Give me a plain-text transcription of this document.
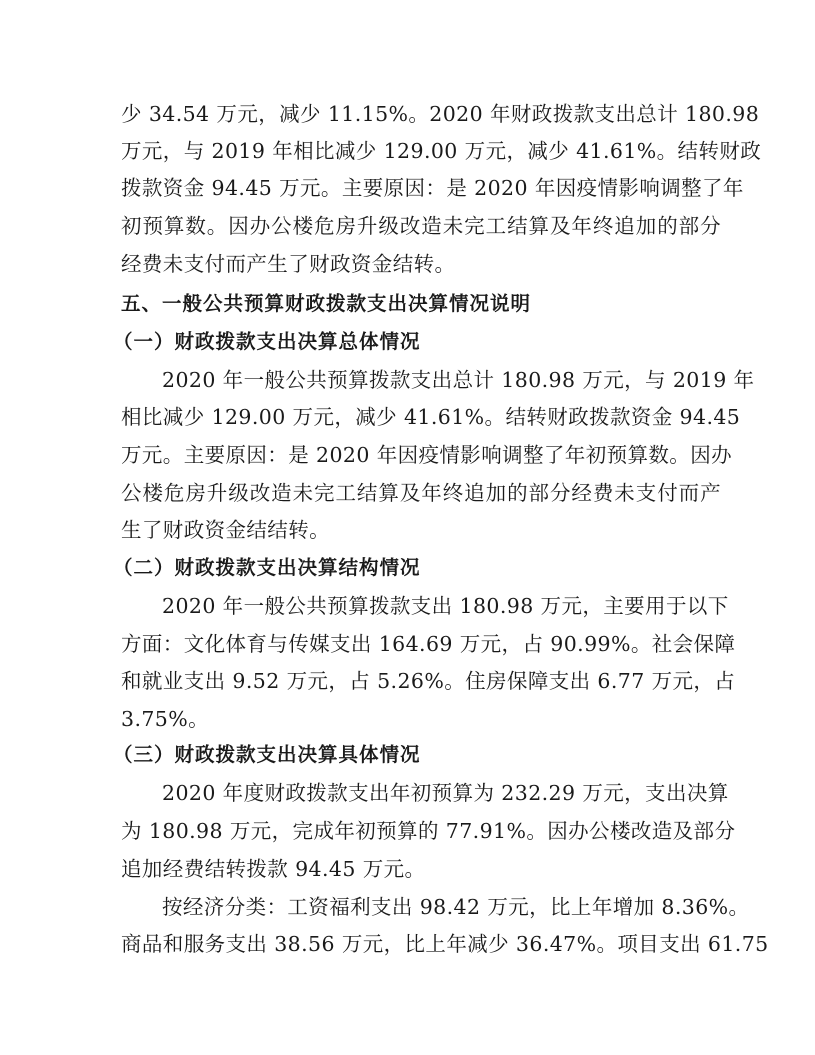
少 34.54 万元，减少 11.15%。2020 年财政拨款支出总计 180.98
万元，与 2019 年相比减少 129.00 万元，减少 41.61%。结转财政
拨款资金 94.45 万元。主要原因：是 2020 年因疫情影响调整了年
初预算数。因办公楼危房升级改造未完工结算及年终追加的部分
经费未支付而产生了财政资金结转。
五、一般公共预算财政拨款支出决算情况说明
（一）财政拨款支出决算总体情况
2020 年一般公共预算拨款支出总计 180.98 万元，与 2019 年
相比减少 129.00 万元，减少 41.61%。结转财政拨款资金 94.45
万元。主要原因：是 2020 年因疫情影响调整了年初预算数。因办
公楼危房升级改造未完工结算及年终追加的部分经费未支付而产
生了财政资金结结转。
（二）财政拨款支出决算结构情况
2020 年一般公共预算拨款支出 180.98 万元，主要用于以下
方面：文化体育与传媒支出 164.69 万元，占 90.99%。社会保障
和就业支出 9.52 万元，占 5.26%。住房保障支出 6.77 万元，占
3.75%。
（三）财政拨款支出决算具体情况
2020 年度财政拨款支出年初预算为 232.29 万元，支出决算
为 180.98 万元，完成年初预算的 77.91%。因办公楼改造及部分
追加经费结转拨款 94.45 万元。
按经济分类：工资福利支出 98.42 万元，比上年增加 8.36%。
商品和服务支出 38.56 万元，比上年减少 36.47%。项目支出 61.75
